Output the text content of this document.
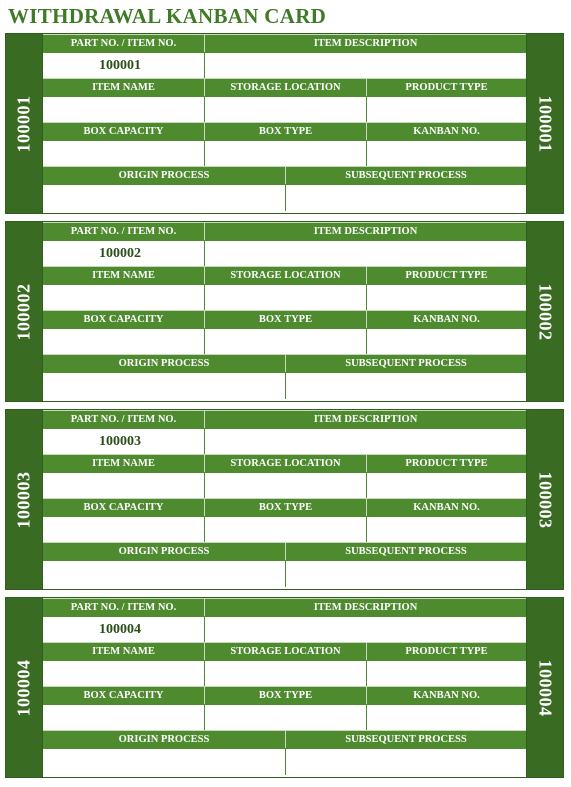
WITHDRAWAL KANBAN CARD
100001
PART NO. / ITEM NO.	ITEM DESCRIPTION
100001
ITEM NAME	STORAGE LOCATION	PRODUCT TYPE
BOX CAPACITY	BOX TYPE	KANBAN NO.
ORIGIN PROCESS	SUBSEQUENT PROCESS
100001
100002
PART NO. / ITEM NO.	ITEM DESCRIPTION
100002
ITEM NAME	STORAGE LOCATION	PRODUCT TYPE
BOX CAPACITY	BOX TYPE	KANBAN NO.
ORIGIN PROCESS	SUBSEQUENT PROCESS
100002
100003
PART NO. / ITEM NO.	ITEM DESCRIPTION
100003
ITEM NAME	STORAGE LOCATION	PRODUCT TYPE
BOX CAPACITY	BOX TYPE	KANBAN NO.
ORIGIN PROCESS	SUBSEQUENT PROCESS
100003
100004
PART NO. / ITEM NO.	ITEM DESCRIPTION
100004
ITEM NAME	STORAGE LOCATION	PRODUCT TYPE
BOX CAPACITY	BOX TYPE	KANBAN NO.
ORIGIN PROCESS	SUBSEQUENT PROCESS
100004
